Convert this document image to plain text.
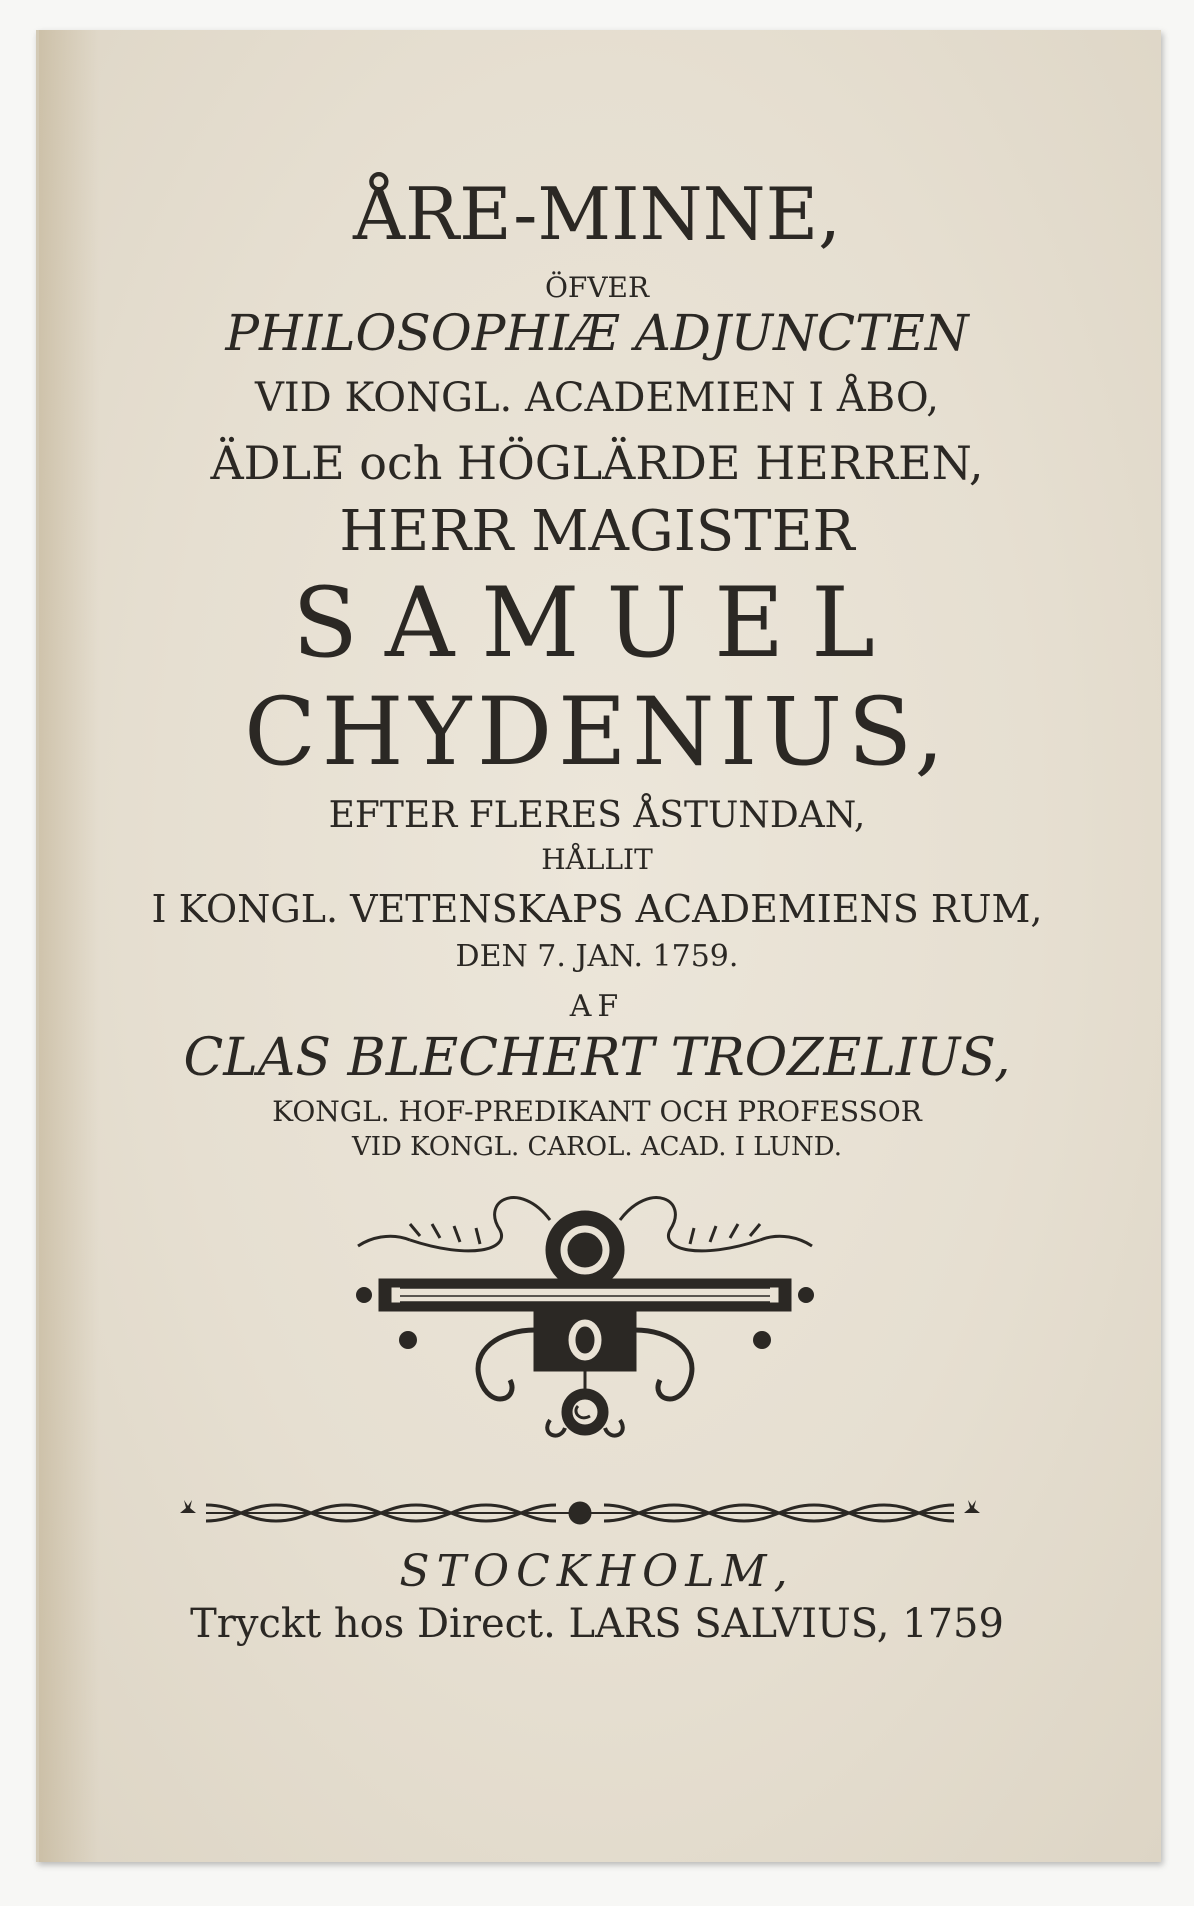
ÅRE-MINNE,
ÖFVER
PHILOSOPHIÆ ADJUNCTEN
VID KONGL. ACADEMIEN I ÅBO,
ÄDLE och HÖGLÄRDE HERREN,
HERR MAGISTER
SAMUEL
CHYDENIUS,
EFTER FLERES ÅSTUNDAN,
HÅLLIT
I KONGL. VETENSKAPS ACADEMIENS RUM,
DEN 7. JAN. 1759.
AF
CLAS BLECHERT TROZELIUS,
KONGL. HOF-PREDIKANT OCH PROFESSOR
VID KONGL. CAROL. ACAD. I LUND.
STOCKHOLM,
Tryckt hos Direct. LARS SALVIUS, 1759
